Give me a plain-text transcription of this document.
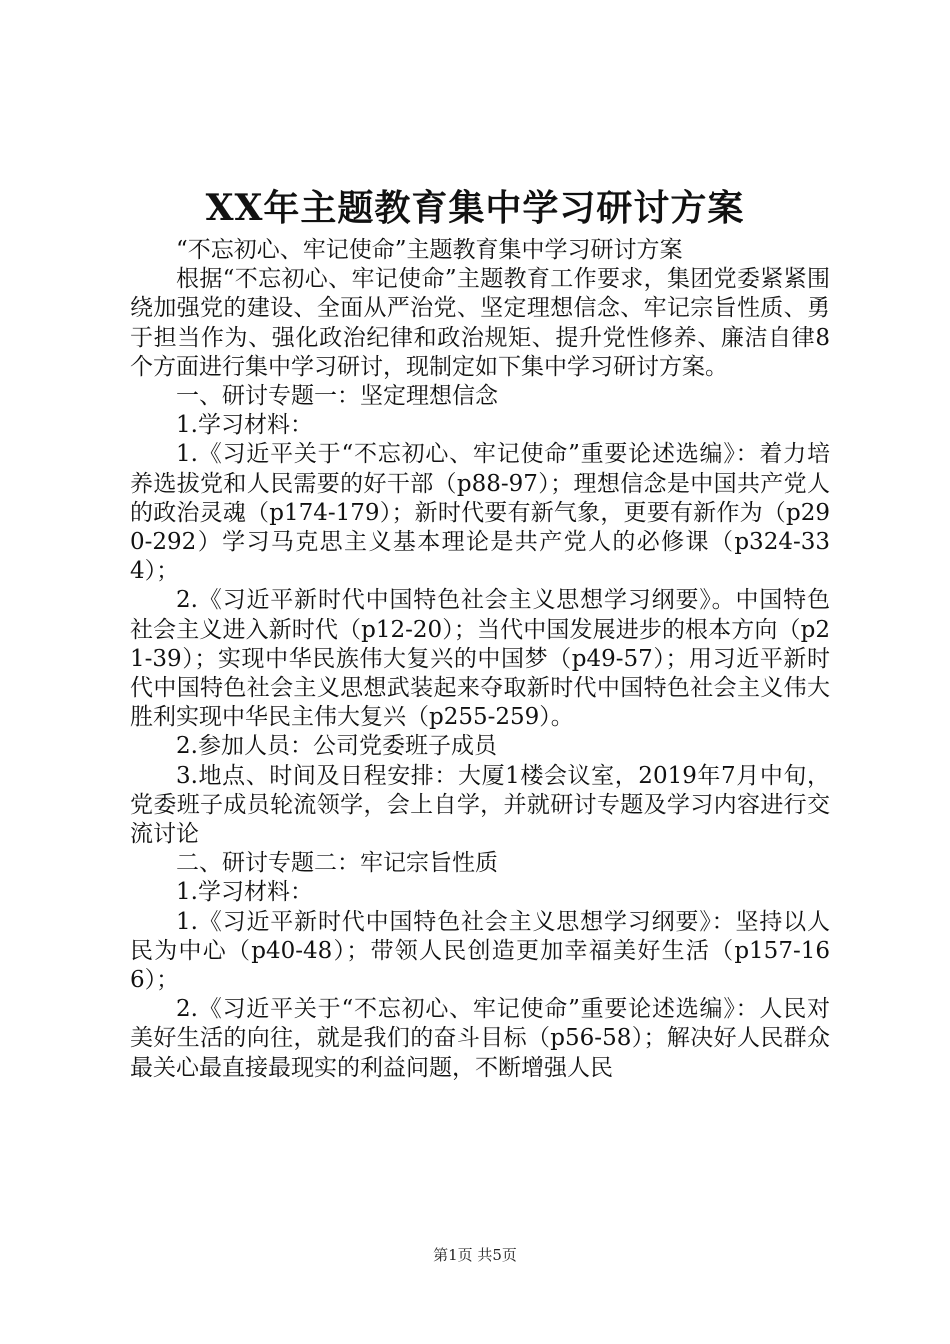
XX年主题教育集中学习研讨方案

“不忘初心、牢记使命”主题教育集中学习研讨方案

根据“不忘初心、牢记使命”主题教育工作要求，集团党委紧紧围绕加强党的建设、全面从严治党、坚定理想信念、牢记宗旨性质、勇于担当作为、强化政治纪律和政治规矩、提升党性修养、廉洁自律8个方面进行集中学习研讨，现制定如下集中学习研讨方案。

一、研讨专题一：坚定理想信念

1.学习材料：

1.《习近平关于“不忘初心、牢记使命”重要论述选编》：着力培养选拔党和人民需要的好干部（p88-97）；理想信念是中国共产党人的政治灵魂（p174-179）；新时代要有新气象，更要有新作为（p290-292）学习马克思主义基本理论是共产党人的必修课（p324-334）；

2.《习近平新时代中国特色社会主义思想学习纲要》。中国特色社会主义进入新时代（p12-20）；当代中国发展进步的根本方向（p21-39）；实现中华民族伟大复兴的中国梦（p49-57）；用习近平新时代中国特色社会主义思想武装起来夺取新时代中国特色社会主义伟大胜利实现中华民主伟大复兴（p255-259）。

2.参加人员：公司党委班子成员

3.地点、时间及日程安排：大厦1楼会议室，2019年7月中旬，党委班子成员轮流领学，会上自学，并就研讨专题及学习内容进行交流讨论

二、研讨专题二：牢记宗旨性质

1.学习材料：

1.《习近平新时代中国特色社会主义思想学习纲要》：坚持以人民为中心（p40-48）；带领人民创造更加幸福美好生活（p157-166）；

2.《习近平关于“不忘初心、牢记使命”重要论述选编》：人民对美好生活的向往，就是我们的奋斗目标（p56-58）；解决好人民群众最关心最直接最现实的利益问题，不断增强人民

第1页 共5页
